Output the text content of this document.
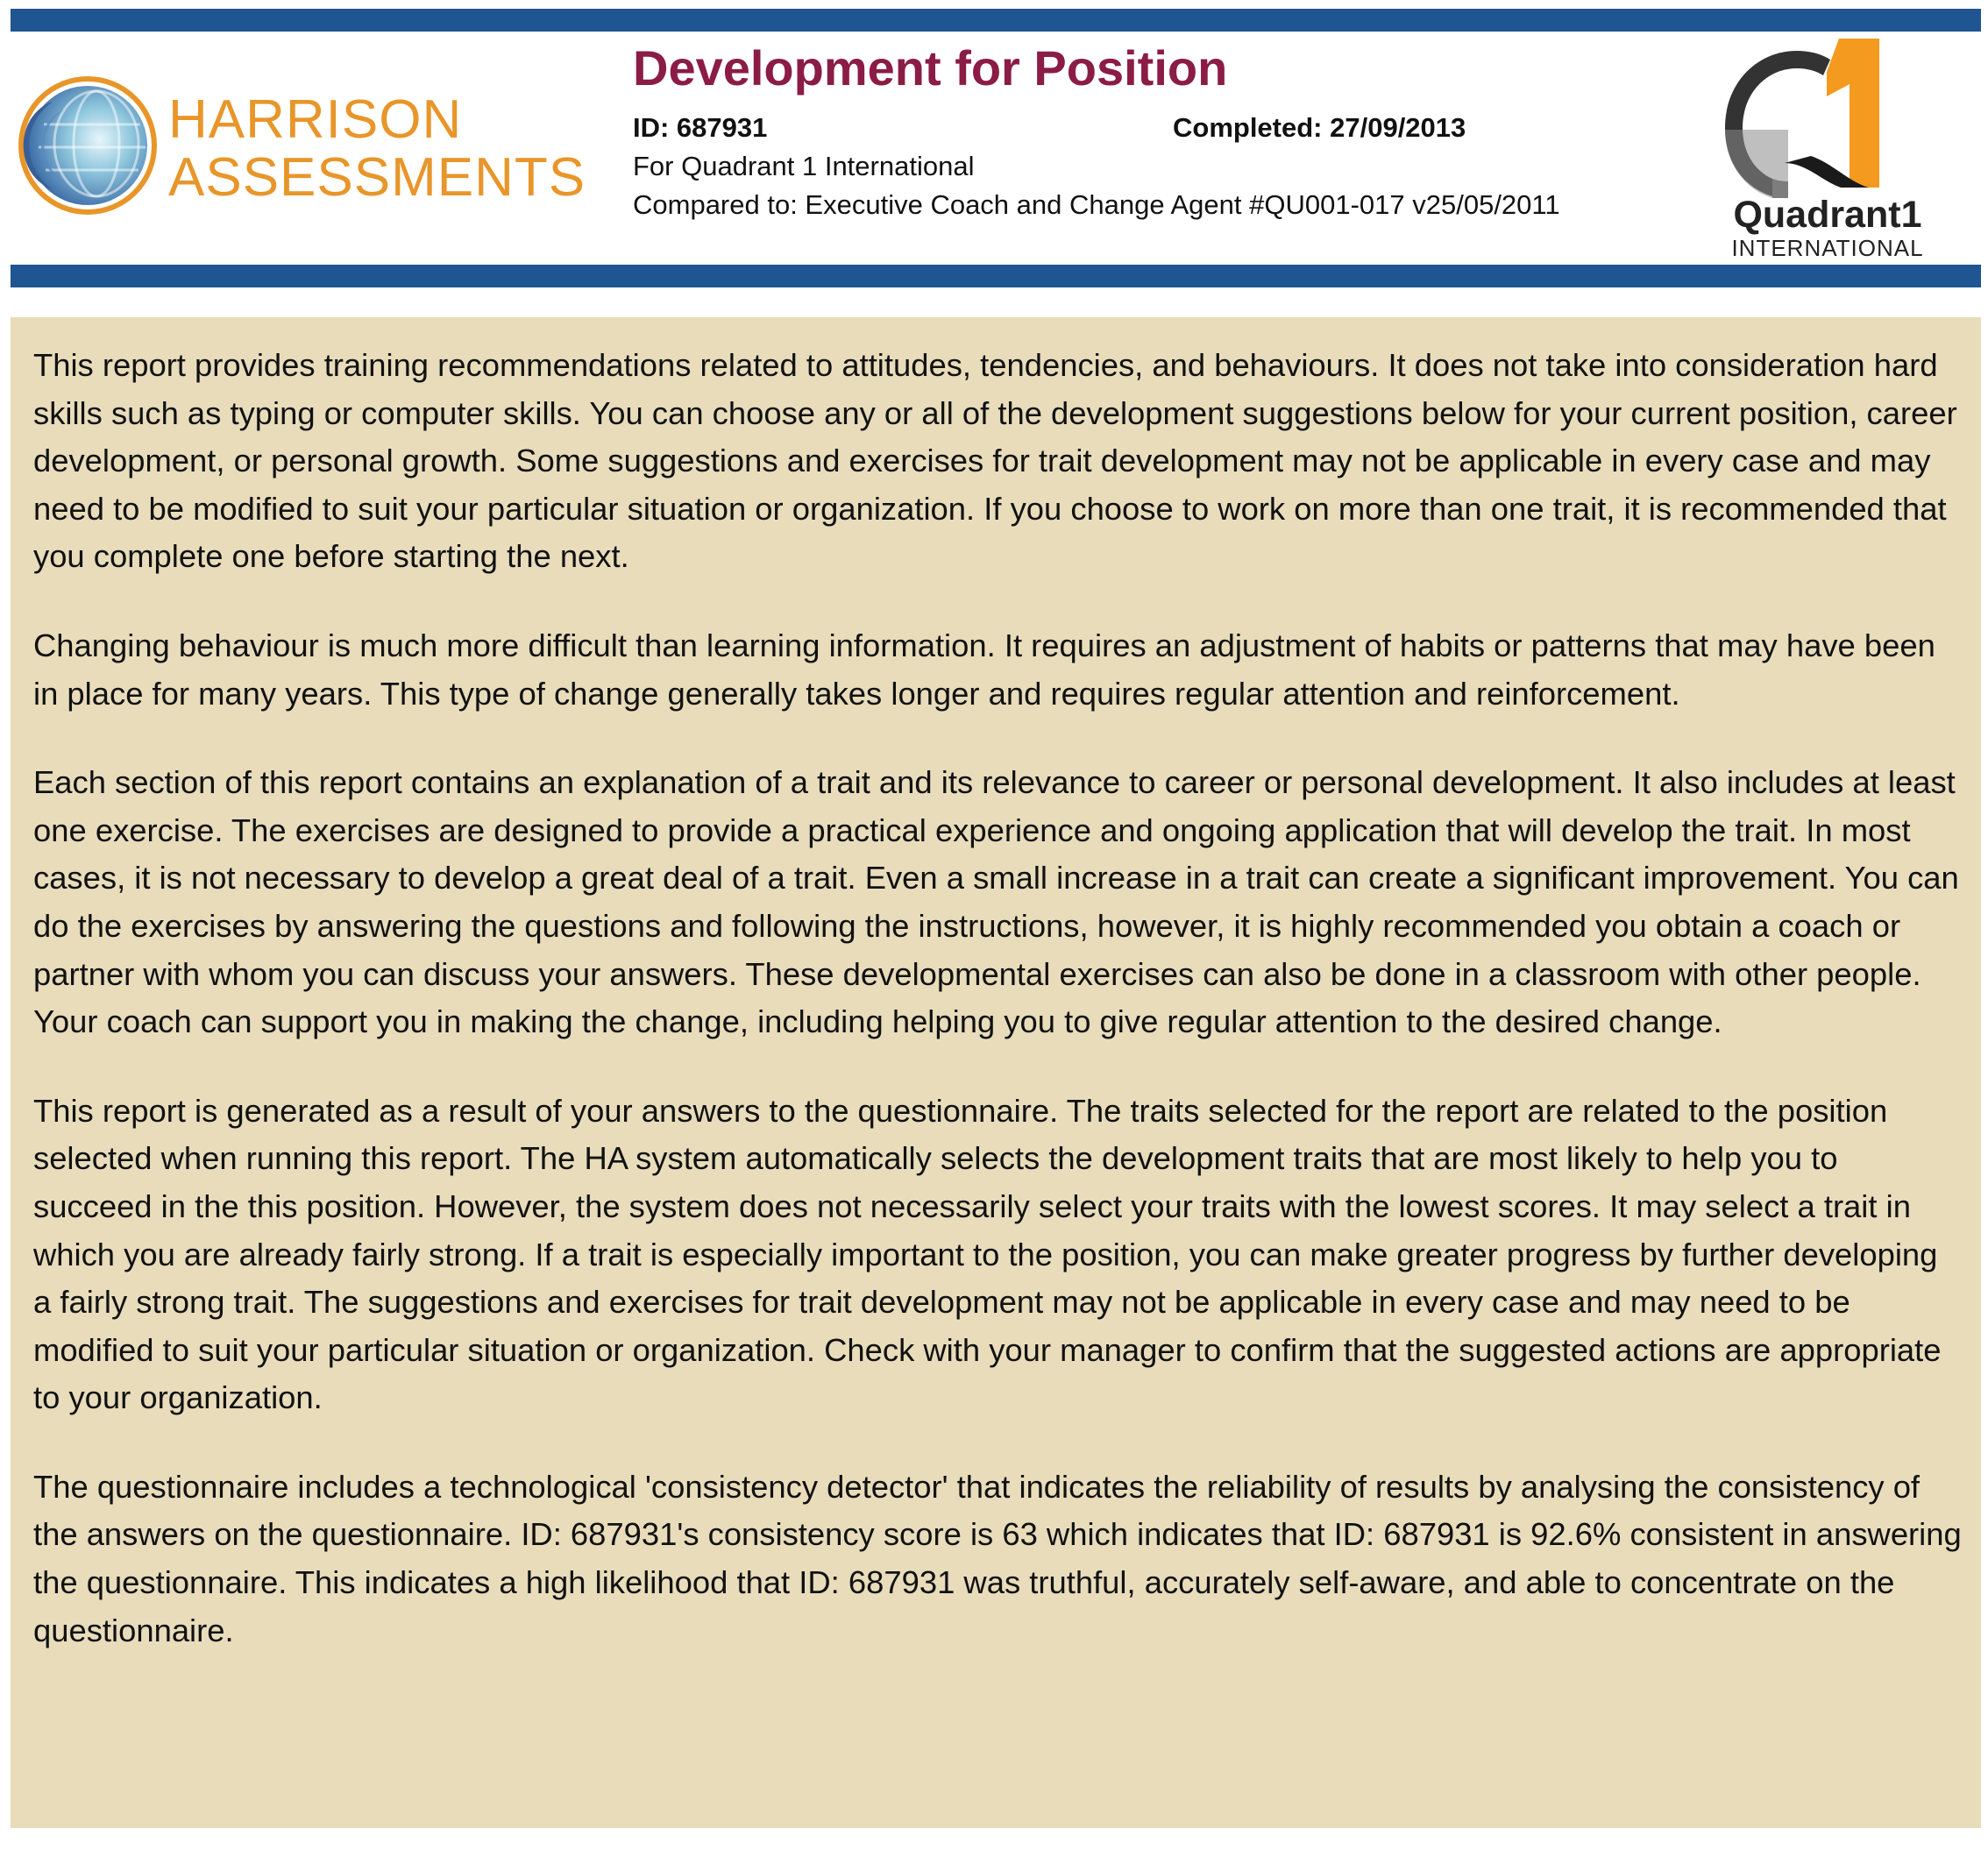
HARRISON
ASSESSMENTS
Development for Position
ID: 687931	Completed: 27/09/2013
For Quadrant 1 International
Compared to: Executive Coach and Change Agent #QU001-017 v25/05/2011	Quadrant1
INTERNATIONAL

This report provides training recommendations related to attitudes, tendencies, and behaviours. It does not take into consideration hard skills such as typing or computer skills. You can choose any or all of the development suggestions below for your current position, career development, or personal growth. Some suggestions and exercises for trait development may not be applicable in every case and may need to be modified to suit your particular situation or organization. If you choose to work on more than one trait, it is recommended that you complete one before starting the next.

Changing behaviour is much more difficult than learning information. It requires an adjustment of habits or patterns that may have been in place for many years. This type of change generally takes longer and requires regular attention and reinforcement.

Each section of this report contains an explanation of a trait and its relevance to career or personal development. It also includes at least one exercise. The exercises are designed to provide a practical experience and ongoing application that will develop the trait. In most cases, it is not necessary to develop a great deal of a trait. Even a small increase in a trait can create a significant improvement. You can do the exercises by answering the questions and following the instructions, however, it is highly recommended you obtain a coach or partner with whom you can discuss your answers. These developmental exercises can also be done in a classroom with other people. Your coach can support you in making the change, including helping you to give regular attention to the desired change.

This report is generated as a result of your answers to the questionnaire. The traits selected for the report are related to the position selected when running this report. The HA system automatically selects the development traits that are most likely to help you to succeed in the this position. However, the system does not necessarily select your traits with the lowest scores. It may select a trait in which you are already fairly strong. If a trait is especially important to the position, you can make greater progress by further developing a fairly strong trait. The suggestions and exercises for trait development may not be applicable in every case and may need to be modified to suit your particular situation or organization. Check with your manager to confirm that the suggested actions are appropriate to your organization.

The questionnaire includes a technological 'consistency detector' that indicates the reliability of results by analysing the consistency of the answers on the questionnaire. ID: 687931's consistency score is 63 which indicates that ID: 687931 is 92.6% consistent in answering the questionnaire. This indicates a high likelihood that ID: 687931 was truthful, accurately self-aware, and able to concentrate on the questionnaire.
